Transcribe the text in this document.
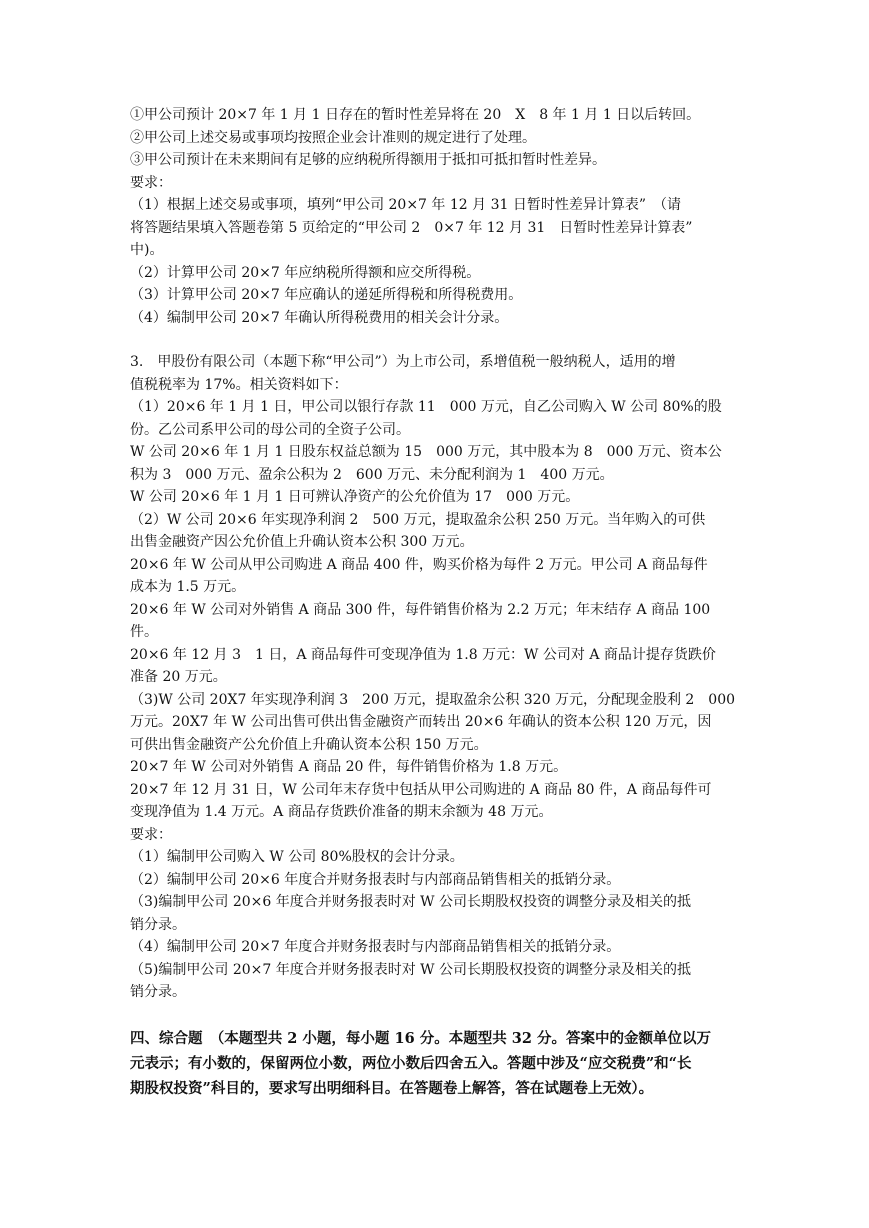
①甲公司预计 20×7 年 1 月 1 日存在的暂时性差异将在 20　X　8 年 1 月 1 日以后转回。
②甲公司上述交易或事项均按照企业会计准则的规定进行了处理。
③甲公司预计在未来期间有足够的应纳税所得额用于抵扣可抵扣暂时性差异。
要求：
（1）根据上述交易或事项，填列“甲公司 20×7 年 12 月 31 日暂时性差异计算表”　（请
将答题结果填入答题卷第 5 页给定的“甲公司 2　0×7 年 12 月 31　日暂时性差异计算表”
中)。
（2）计算甲公司 20×7 年应纳税所得额和应交所得税。
（3）计算甲公司 20×7 年应确认的递延所得税和所得税费用。
（4）编制甲公司 20×7 年确认所得税费用的相关会计分录。
3.　甲股份有限公司（本题下称“甲公司”）为上市公司，系增值税一般纳税人，适用的增
值税税率为 17%。相关资料如下：
（1）20×6 年 1 月 1 日，甲公司以银行存款 11　000 万元，自乙公司购入 W 公司 80%的股
份。乙公司系甲公司的母公司的全资子公司。
W 公司 20×6 年 1 月 1 日股东权益总额为 15　000 万元，其中股本为 8　000 万元、资本公
积为 3　000 万元、盈余公积为 2　600 万元、未分配利润为 1　400 万元。
W 公司 20×6 年 1 月 1 日可辨认净资产的公允价值为 17　000 万元。
（2）W 公司 20×6 年实现净利润 2　500 万元，提取盈余公积 250 万元。当年购入的可供
出售金融资产因公允价值上升确认资本公积 300 万元。
20×6 年 W 公司从甲公司购进 A 商品 400 件，购买价格为每件 2 万元。甲公司 A 商品每件
成本为 1.5 万元。
20×6 年 W 公司对外销售 A 商品 300 件，每件销售价格为 2.2 万元；年末结存 A 商品 100
件。
20×6 年 12 月 3　1 日，A 商品每件可变现净值为 1.8 万元：W 公司对 A 商品计提存货跌价
准备 20 万元。
（3)W 公司 20X7 年实现净利润 3　200 万元，提取盈余公积 320 万元，分配现金股利 2　000
万元。20X7 年 W 公司出售可供出售金融资产而转出 20×6 年确认的资本公积 120 万元，因
可供出售金融资产公允价值上升确认资本公积 150 万元。
20×7 年 W 公司对外销售 A 商品 20 件，每件销售价格为 1.8 万元。
20×7 年 12 月 31 日，W 公司年末存货中包括从甲公司购进的 A 商品 80 件，A 商品每件可
变现净值为 1.4 万元。A 商品存货跌价准备的期末余额为 48 万元。
要求：
（1）编制甲公司购入 W 公司 80%股权的会计分录。
（2）编制甲公司 20×6 年度合并财务报表时与内部商品销售相关的抵销分录。
（3)编制甲公司 20×6 年度合并财务报表时对 W 公司长期股权投资的调整分录及相关的抵
销分录。
（4）编制甲公司 20×7 年度合并财务报表时与内部商品销售相关的抵销分录。
（5)编制甲公司 20×7 年度合并财务报表时对 W 公司长期股权投资的调整分录及相关的抵
销分录。
四、综合题　（本题型共 2 小题，每小题 16 分。本题型共 32 分。答案中的金额单位以万
元表示；有小数的，保留两位小数，两位小数后四舍五入。答题中涉及“应交税费”和“长
期股权投资”科目的，要求写出明细科目。在答题卷上解答，答在试题卷上无效）。
